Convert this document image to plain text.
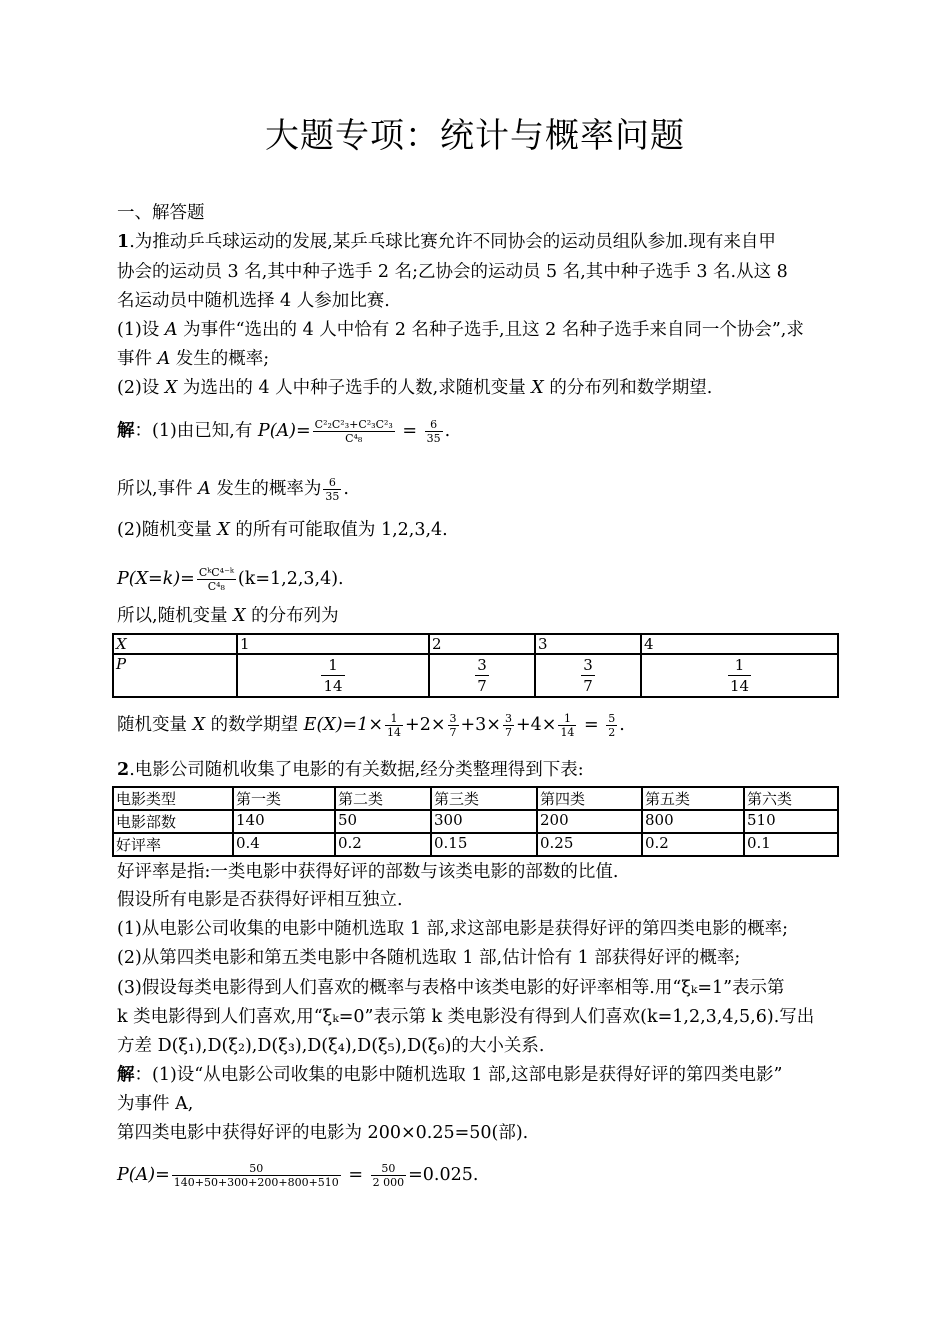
大题专项：统计与概率问题
一、解答题
1.为推动乒乓球运动的发展,某乒乓球比赛允许不同协会的运动员组队参加.现有来自甲
协会的运动员 3 名,其中种子选手 2 名;乙协会的运动员 5 名,其中种子选手 3 名.从这 8
名运动员中随机选择 4 人参加比赛.
(1)设 A 为事件“选出的 4 人中恰有 2 名种子选手,且这 2 名种子选手来自同一个协会”,求
事件 A 发生的概率;
(2)设 X 为选出的 4 人中种子选手的人数,求随机变量 X 的分布列和数学期望.
解：(1)由已知,有 $P(A)= \frac{\text{C²₂C²₃+C²₃C²₃}}{\text{C⁴₈}} = \frac{6}{35}$ .
所以,事件 A 发生的概率为 $\frac{6}{35}$ .
(2)随机变量 X 的所有可能取值为 1,2,3,4.
$P(X=k)= \frac{\text{CᵏC⁴⁻ᵏ}}{\text{C⁴₈}} (k=1,2,3,4)$.
所以,随机变量 X 的分布列为
X	1	2	3	4
P	$\frac{1}{14}$	$\frac{3}{7}$	$\frac{3}{7}$	$\frac{1}{14}$
随机变量 X 的数学期望 $E(X)=1\times \frac{1}{14} +2\times \frac{3}{7} +3\times \frac{3}{7} +4\times \frac{1}{14} = \frac{5}{2}$ .
2.电影公司随机收集了电影的有关数据,经分类整理得到下表:
电影类型	第一类	第二类	第三类	第四类	第五类	第六类
电影部数	140	50	300	200	800	510
好评率	0.4	0.2	0.15	0.25	0.2	0.1
好评率是指:一类电影中获得好评的部数与该类电影的部数的比值.
假设所有电影是否获得好评相互独立.
(1)从电影公司收集的电影中随机选取 1 部,求这部电影是获得好评的第四类电影的概率;
(2)从第四类电影和第五类电影中各随机选取 1 部,估计恰有 1 部获得好评的概率;
(3)假设每类电影得到人们喜欢的概率与表格中该类电影的好评率相等.用“ξₖ=1”表示第
k 类电影得到人们喜欢,用“ξₖ=0”表示第 k 类电影没有得到人们喜欢(k=1,2,3,4,5,6).写出
方差 D(ξ₁),D(ξ₂),D(ξ₃),D(ξ₄),D(ξ₅),D(ξ₆)的大小关系.
解：(1)设“从电影公司收集的电影中随机选取 1 部,这部电影是获得好评的第四类电影”
为事件 A,
第四类电影中获得好评的电影为 200×0.25=50(部).
$P(A)= \frac{50}{140+50+300+200+800+510} = \frac{50}{2 000} =0.025$.
